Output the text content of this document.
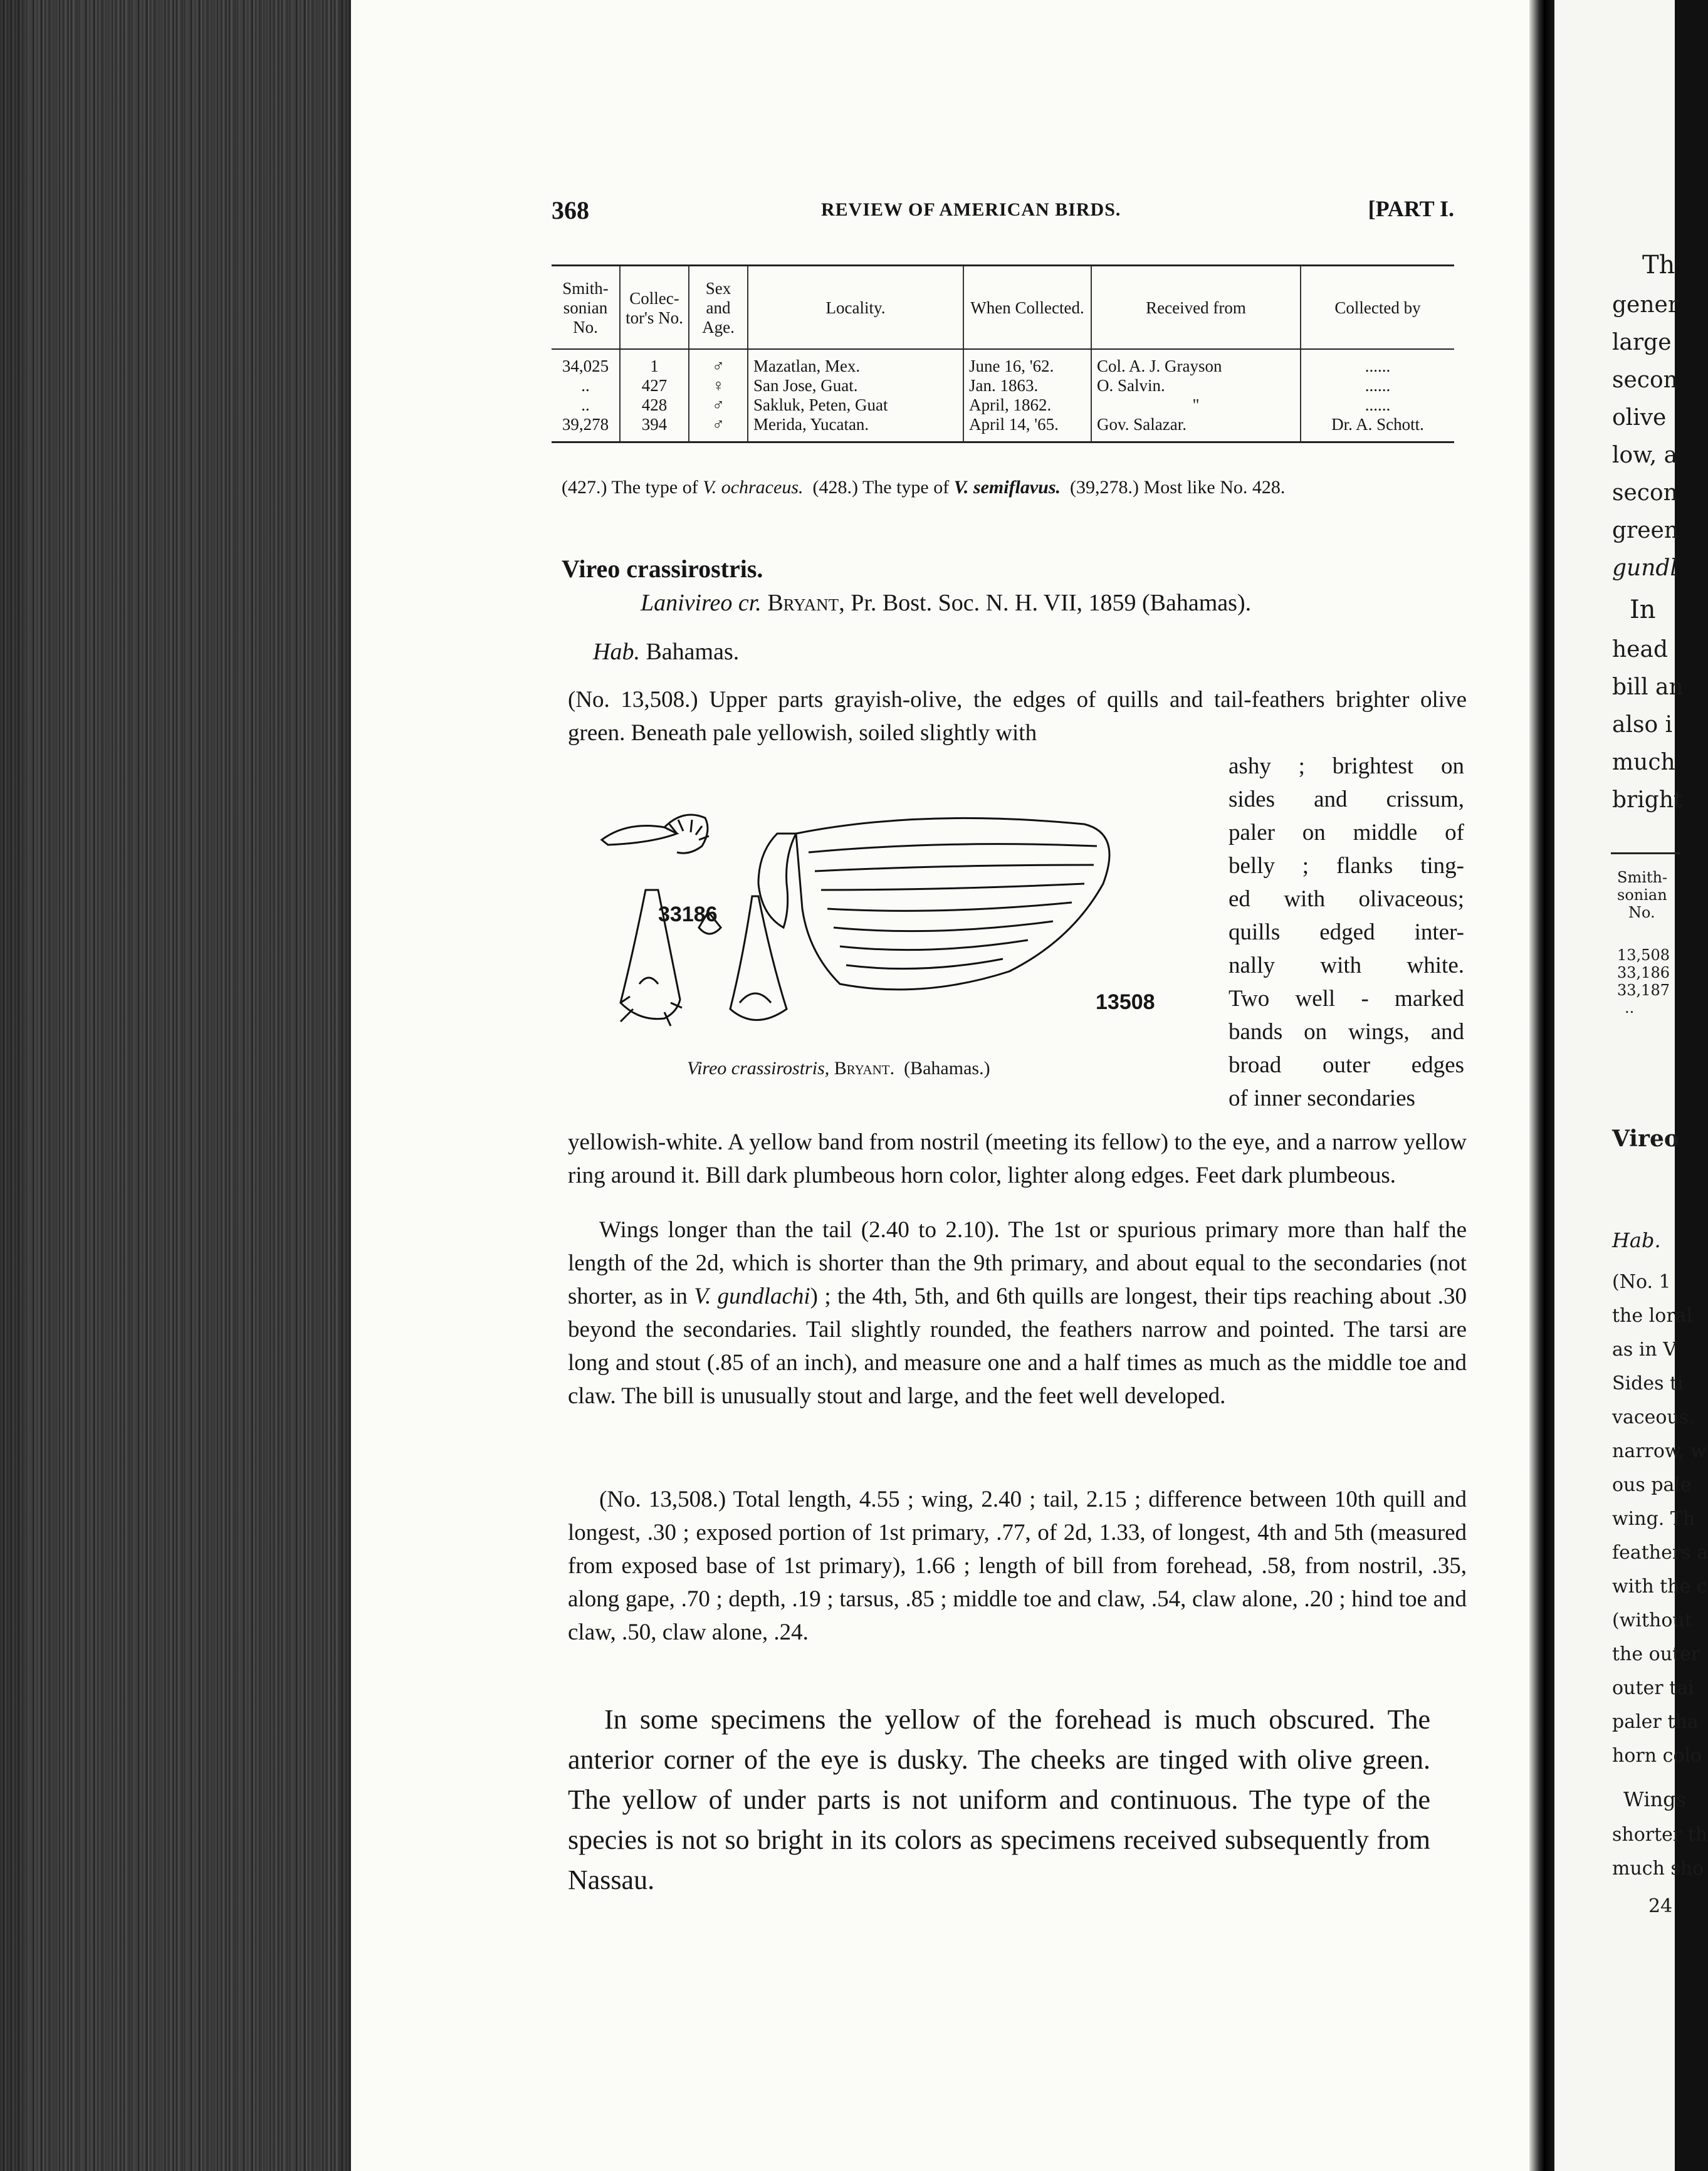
368	REVIEW OF AMERICAN BIRDS.	[PART I.
Smith-sonian No.	Collec-tor's No.	Sex and Age.	Locality.	When Collected.	Received from	Collected by
34,025	1	♂	Mazatlan, Mex.	June 16, '62.	Col. A. J. Grayson	......
..	427	♀	San Jose, Guat.	Jan. 1863.	O. Salvin.	......
..	428	♂	Sakluk, Peten, Guat	April, 1862.	"	......
39,278	394	♂	Merida, Yucatan.	April 14, '65.	Gov. Salazar.	Dr. A. Schott.
(427.) The type of V. ochraceus. (428.) The type of V. semiflavus. (39,278.) Most like No. 428.
Vireo crassirostris.
Lanivireo cr. Bryant, Pr. Bost. Soc. N. H. VII, 1859 (Bahamas).
Hab. Bahamas.
(No. 13,508.) Upper parts grayish-olive, the edges of quills and tail-feathers brighter olive green. Beneath pale yellowish, soiled slightly with
ashy ; brightest on
sides and crissum,
paler on middle of
belly ; flanks ting-
ed with olivaceous;
quills edged inter-
nally with white.
Two well - marked
bands on wings, and
broad outer edges
of inner secondaries
33186
13508
Vireo crassirostris, Bryant. (Bahamas.)
yellowish-white. A yellow band from nostril (meeting its fellow) to the eye, and a narrow yellow ring around it. Bill dark plumbeous horn color, lighter along edges. Feet dark plumbeous.
Wings longer than the tail (2.40 to 2.10). The 1st or spurious primary more than half the length of the 2d, which is shorter than the 9th primary, and about equal to the secondaries (not shorter, as in V. gundlachi) ; the 4th, 5th, and 6th quills are longest, their tips reaching about .30 beyond the secondaries. Tail slightly rounded, the feathers narrow and pointed. The tarsi are long and stout (.85 of an inch), and measure one and a half times as much as the middle toe and claw. The bill is unusually stout and large, and the feet well developed.
(No. 13,508.) Total length, 4.55 ; wing, 2.40 ; tail, 2.15 ; difference between 10th quill and longest, .30 ; exposed portion of 1st primary, .77, of 2d, 1.33, of longest, 4th and 5th (measured from exposed base of 1st primary), 1.66 ; length of bill from forehead, .58, from nostril, .35, along gape, .70 ; depth, .19 ; tarsus, .85 ; middle toe and claw, .54, claw alone, .20 ; hind toe and claw, .50, claw alone, .24.
In some specimens the yellow of the forehead is much obscured. The anterior corner of the eye is dusky. The cheeks are tinged with olive green. The yellow of under parts is not uniform and continuous. The type of the species is not so bright in its colors as specimens received subsequently from Nassau.
Th
gener
large
secon
olive
low, a
secon
green
gundl
In
head
bill an
also i
much
bright
Smith-
sonian
No.
13,508
33,186
33,187
..
Vireo
Hab.
(No. 1
the loral
as in V
Sides ti
vaceous.
narrow, w
ous pale
wing. Th
feathers a
with the c
(without
the outer
outer tai
paler tha
horn colo
Wings
shorter th
much sho
24
